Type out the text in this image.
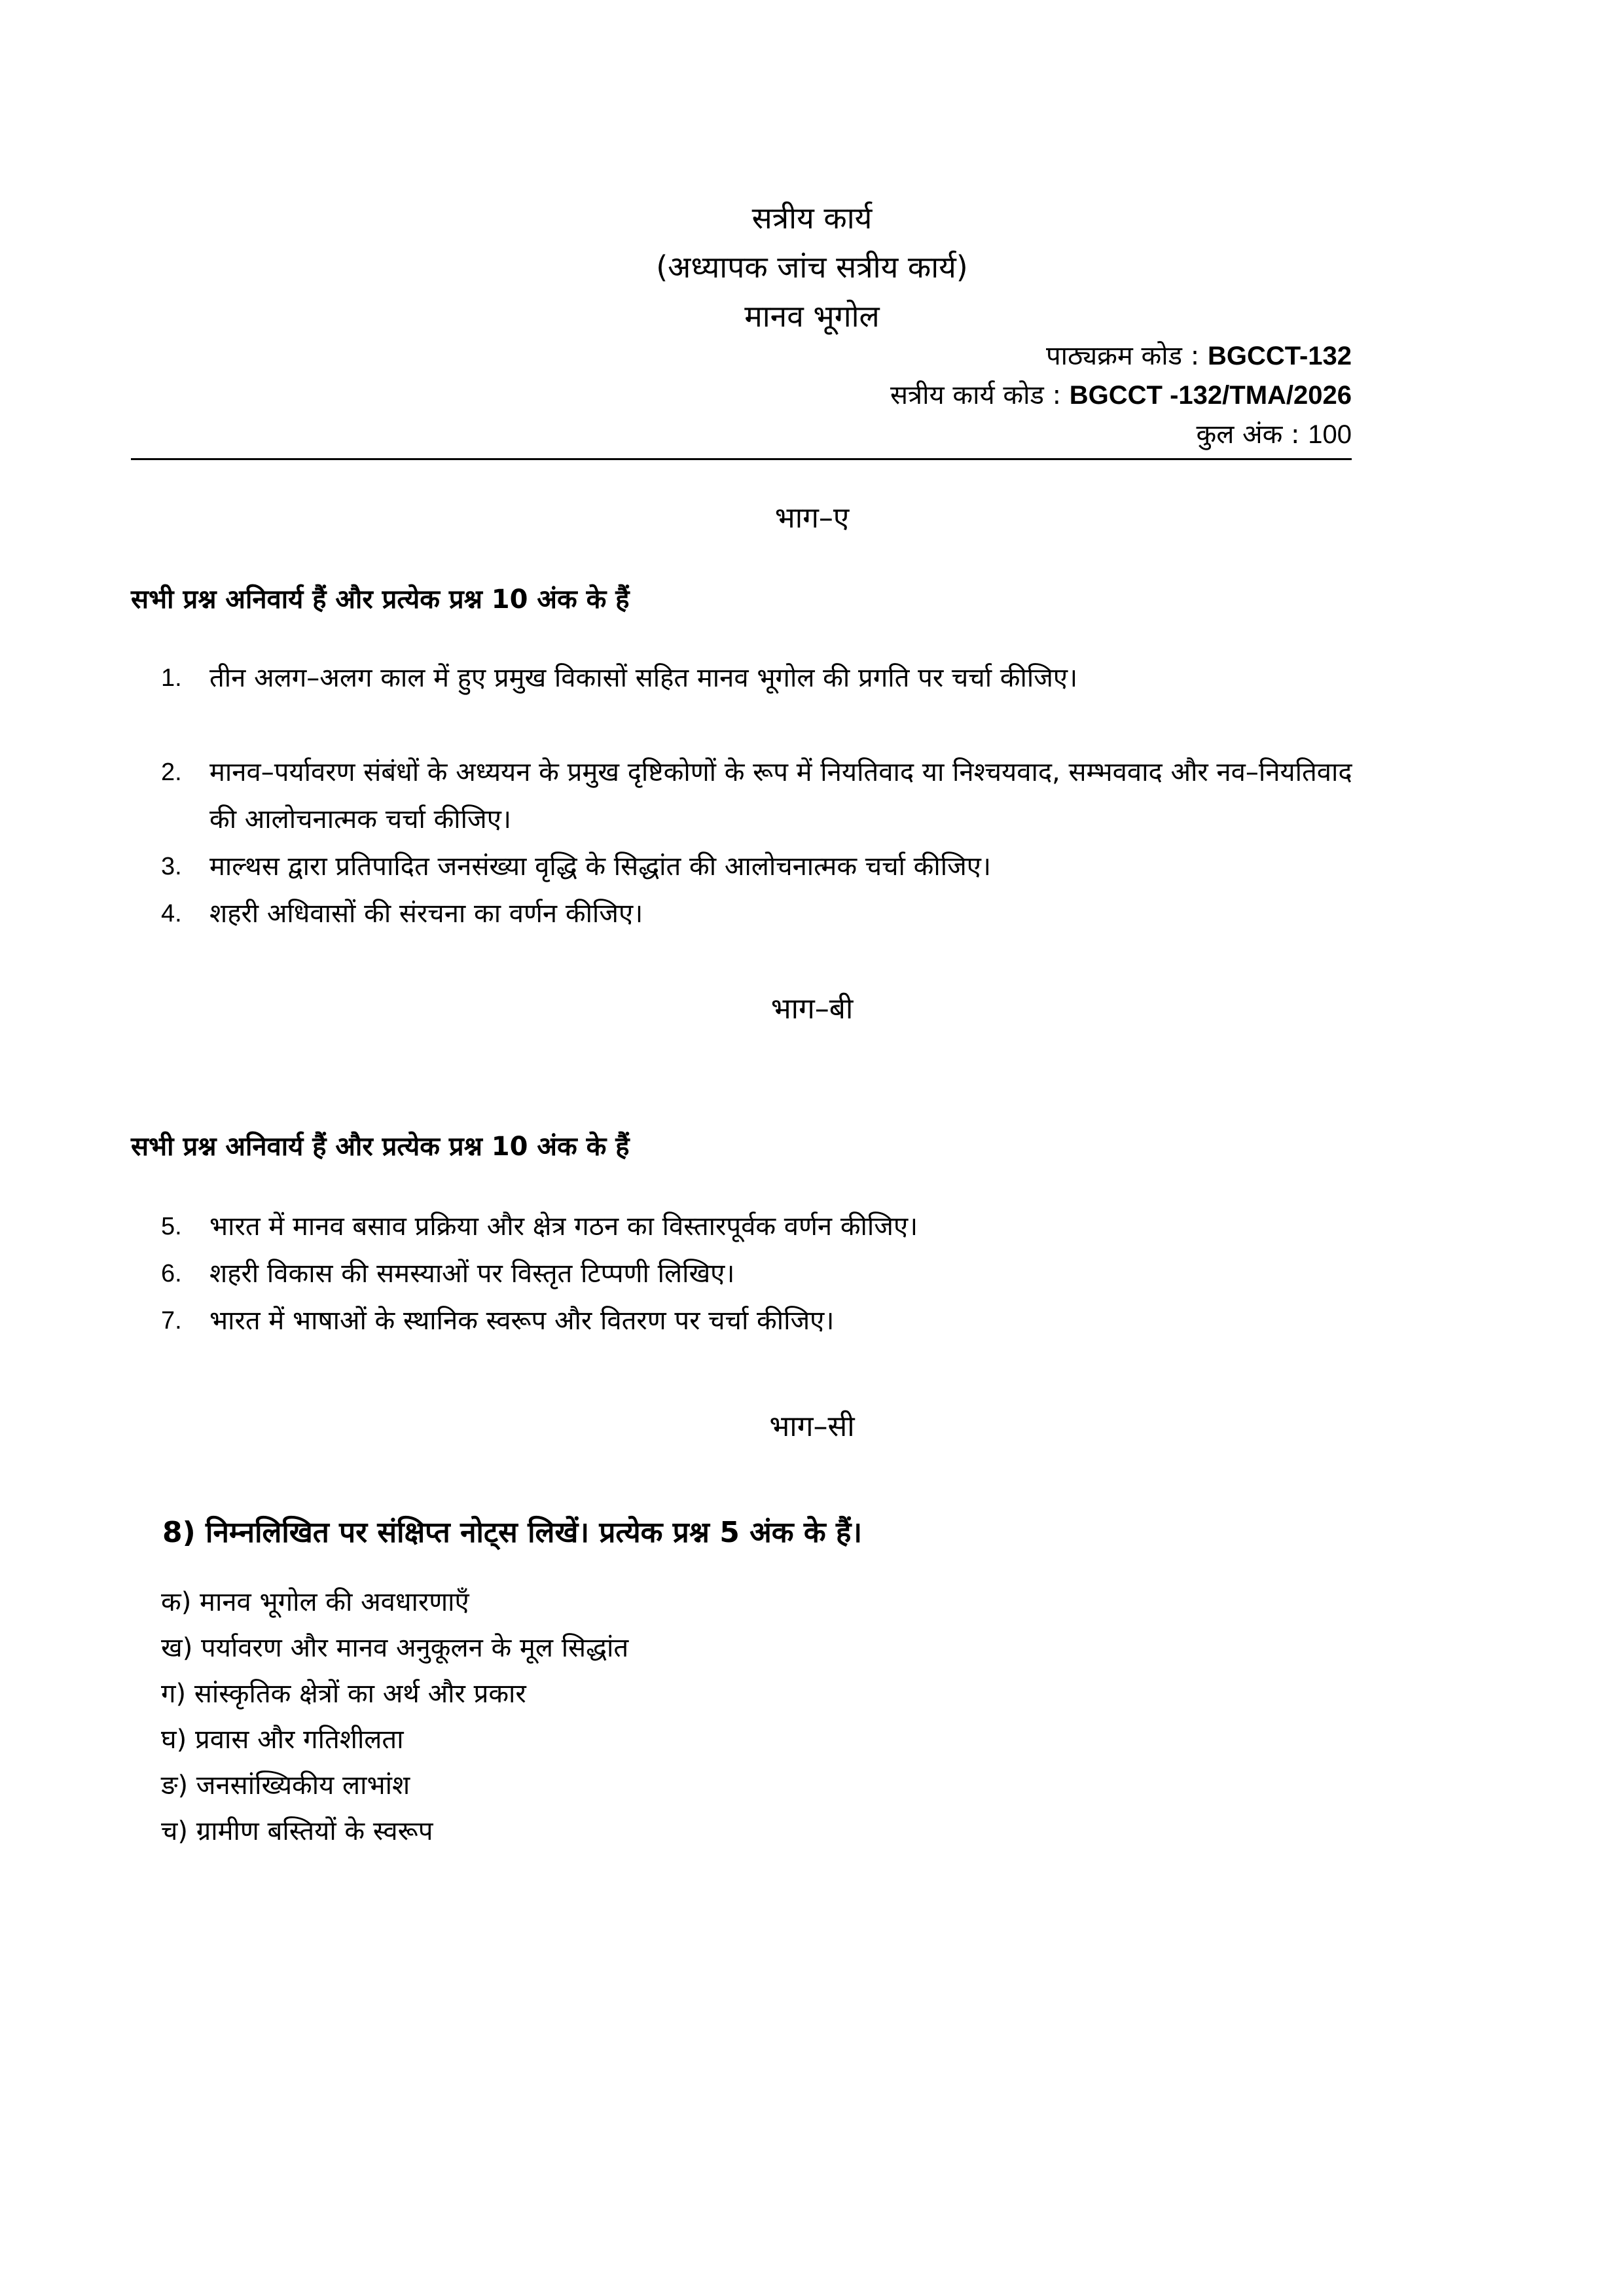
सत्रीय कार्य
(अध्यापक जांच सत्रीय कार्य)
मानव भूगोल
पाठ्यक्रम कोड : BGCCT-132
सत्रीय कार्य कोड : BGCCT -132/TMA/2026
कुल अंक : 100
भाग–ए
सभी प्रश्न अनिवार्य हैं और प्रत्येक प्रश्न 10 अंक के हैं
1. तीन अलग–अलग काल में हुए प्रमुख विकासों सहित मानव भूगोल की प्रगति पर चर्चा कीजिए।
2. मानव–पर्यावरण संबंधों के अध्ययन के प्रमुख दृष्टिकोणों के रूप में नियतिवाद या निश्चयवाद, सम्भववाद और नव–नियतिवाद की आलोचनात्मक चर्चा कीजिए।
3. माल्थस द्वारा प्रतिपादित जनसंख्या वृद्धि के सिद्धांत की आलोचनात्मक चर्चा कीजिए।
4. शहरी अधिवासों की संरचना का वर्णन कीजिए।
भाग–बी
सभी प्रश्न अनिवार्य हैं और प्रत्येक प्रश्न 10 अंक के हैं
5. भारत में मानव बसाव प्रक्रिया और क्षेत्र गठन का विस्तारपूर्वक वर्णन कीजिए।
6. शहरी विकास की समस्याओं पर विस्तृत टिप्पणी लिखिए।
7. भारत में भाषाओं के स्थानिक स्वरूप और वितरण पर चर्चा कीजिए।
भाग–सी
8) निम्नलिखित पर संक्षिप्त नोट्स लिखें। प्रत्येक प्रश्न 5 अंक के हैं।
क) मानव भूगोल की अवधारणाएँ
ख) पर्यावरण और मानव अनुकूलन के मूल सिद्धांत
ग) सांस्कृतिक क्षेत्रों का अर्थ और प्रकार
घ) प्रवास और गतिशीलता
ङ) जनसांख्यिकीय लाभांश
च) ग्रामीण बस्तियों के स्वरूप
